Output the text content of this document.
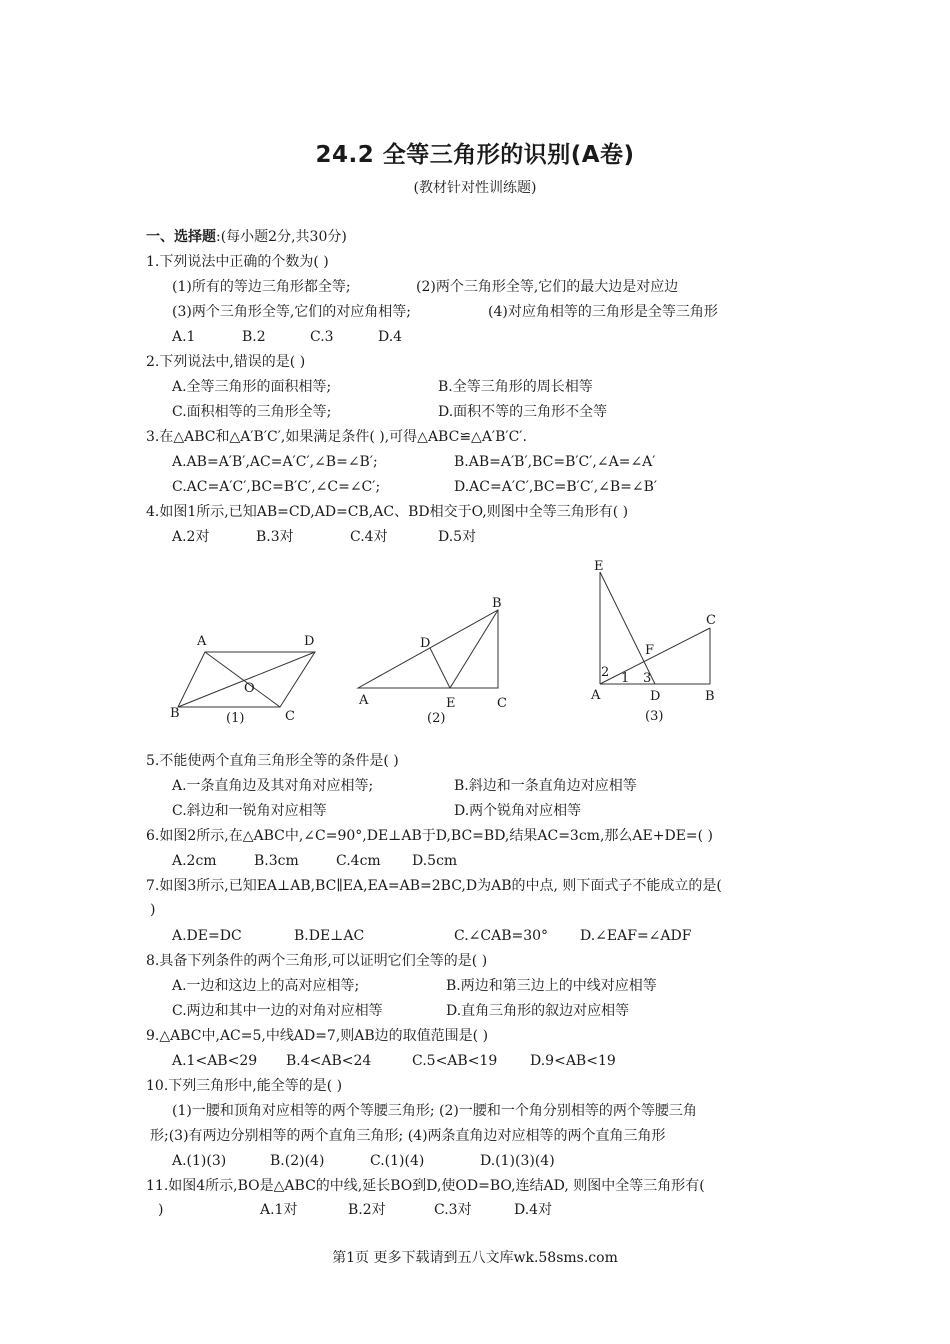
24.2 全等三角形的识别(A卷)
(教材针对性训练题)
一、选择题:(每小题2分,共30分)
1.下列说法中正确的个数为( )
(1)所有的等边三角形都全等;	(2)两个三角形全等,它们的最大边是对应边
(3)两个三角形全等,它们的对应角相等;	(4)对应角相等的三角形是全等三角形
A.1	B.2	C.3	D.4
2.下列说法中,错误的是( )
A.全等三角形的面积相等;	B.全等三角形的周长相等
C.面积相等的三角形全等;	D.面积不等的三角形不全等
3.在△ABC和△A′B′C′,如果满足条件( ),可得△ABC≌△A′B′C′.
A.AB=A′B′,AC=A′C′,∠B=∠B′;	B.AB=A′B′,BC=B′C′,∠A=∠A′
C.AC=A′C′,BC=B′C′,∠C=∠C′;	D.AC=A′C′,BC=B′C′,∠B=∠B′
4.如图1所示,已知AB=CD,AD=CB,AC、BD相交于O,则图中全等三角形有( )
A.2对	B.3对	C.4对	D.5对
A	D
B	C
O
(1)
B
D
A	E	C
(2)
E
C
F
2 1 3
A	D	B
(3)
5.不能使两个直角三角形全等的条件是( )
A.一条直角边及其对角对应相等;	B.斜边和一条直角边对应相等
C.斜边和一锐角对应相等	D.两个锐角对应相等
6.如图2所示,在△ABC中,∠C=90°,DE⊥AB于D,BC=BD,结果AC=3cm,那么AE+DE=( )
A.2cm	B.3cm	C.4cm D.5cm
7.如图3所示,已知EA⊥AB,BC∥EA,EA=AB=2BC,D为AB的中点, 则下面式子不能成立的是(
)
A.DE=DC	B.DE⊥AC	C.∠CAB=30° D.∠EAF=∠ADF
8.具备下列条件的两个三角形,可以证明它们全等的是( )
A.一边和这边上的高对应相等;	B.两边和第三边上的中线对应相等
C.两边和其中一边的对角对应相等	D.直角三角形的叙边对应相等
9.△ABC中,AC=5,中线AD=7,则AB边的取值范围是( )
A.1<AB<29 B.4<AB<24	C.5<AB<19 D.9<AB<19
10.下列三角形中,能全等的是( )
(1)一腰和顶角对应相等的两个等腰三角形; (2)一腰和一个角分别相等的两个等腰三角
形;(3)有两边分别相等的两个直角三角形; (4)两条直角边对应相等的两个直角三角形
A.(1)(3)	B.(2)(4)	C.(1)(4)	D.(1)(3)(4)
11.如图4所示,BO是△ABC的中线,延长BO到D,使OD=BO,连结AD, 则图中全等三角形有(
)	A.1对	B.2对	C.3对	D.4对
第1页 更多下载请到五八文库wk.58sms.com
